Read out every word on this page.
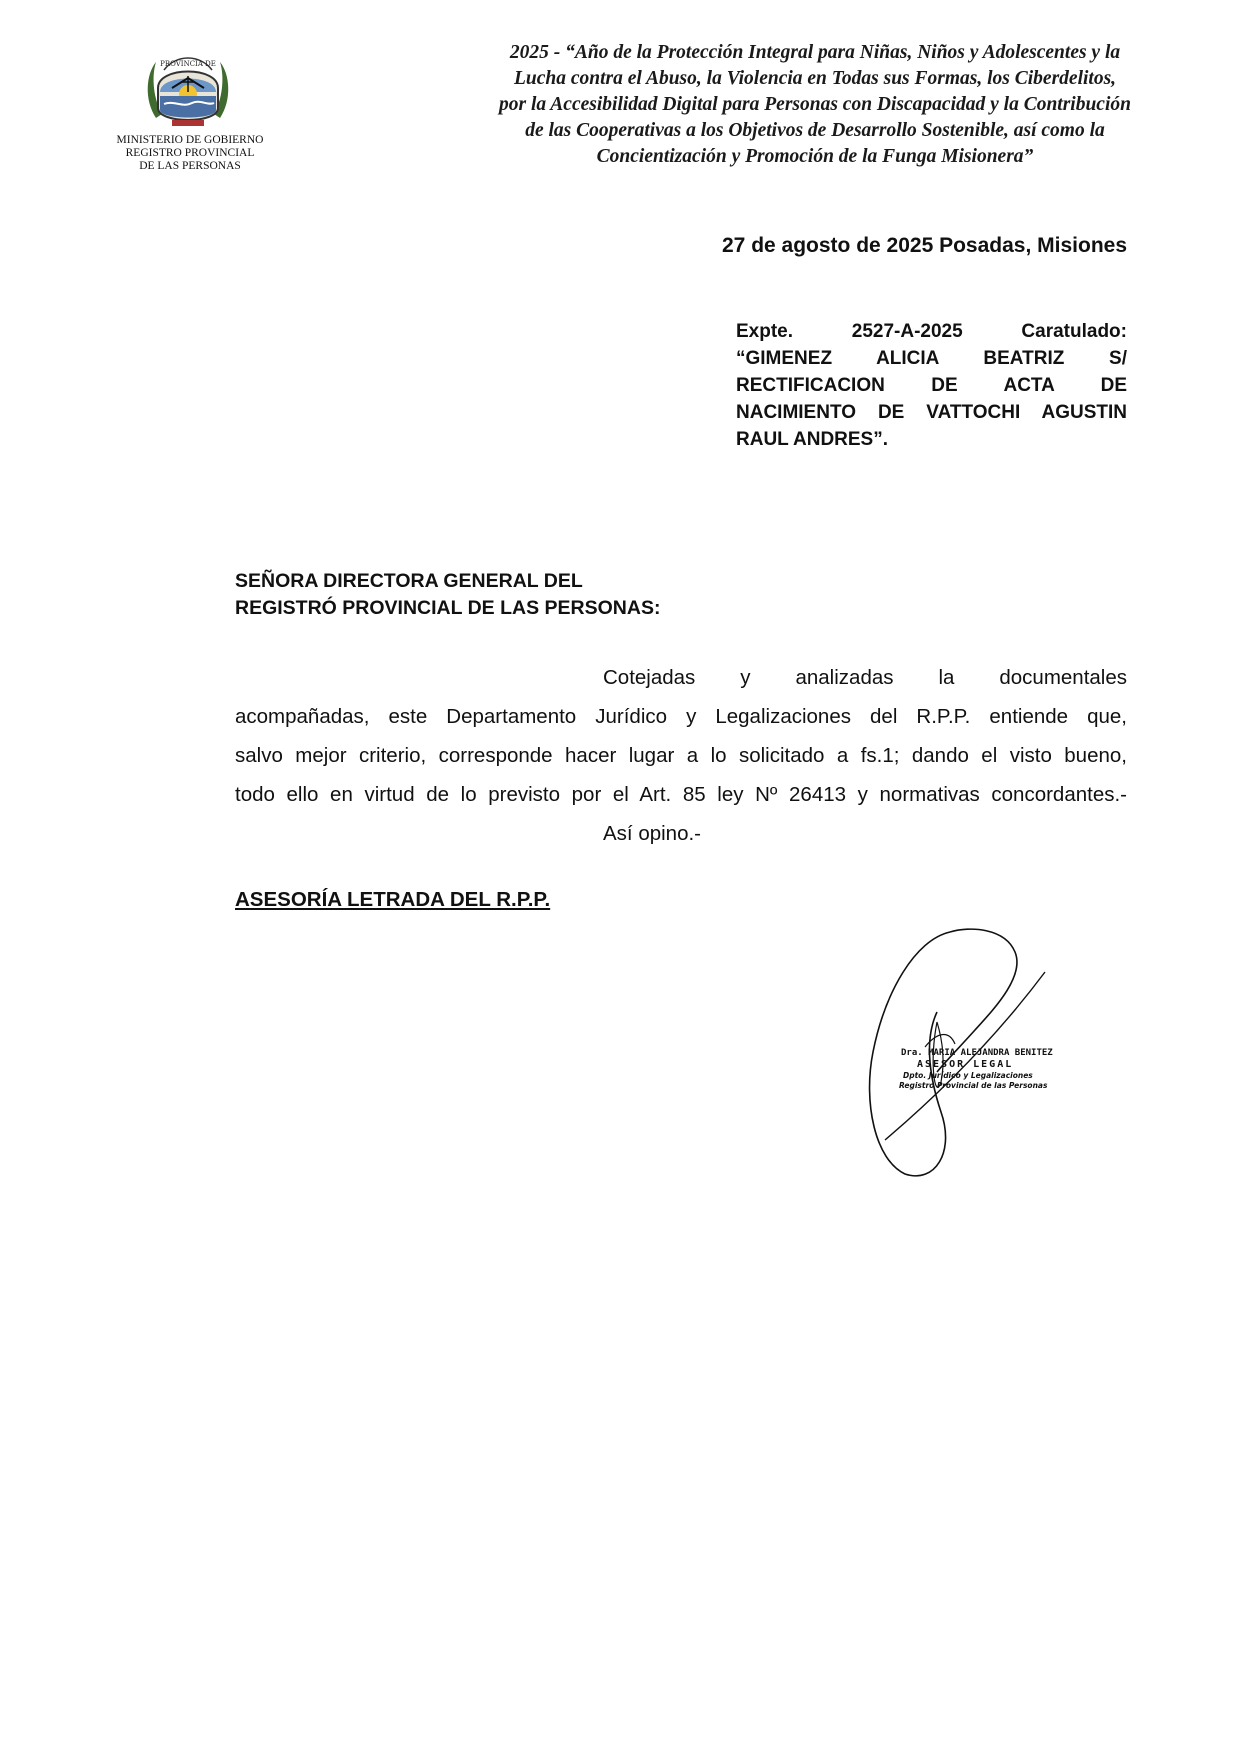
PROVINCIA DE
MINISTERIO DE GOBIERNO
REGISTRO PROVINCIAL
DE LAS PERSONAS
2025 - “Año de la Protección Integral para Niñas, Niños y Adolescentes y la
Lucha contra el Abuso, la Violencia en Todas sus Formas, los Ciberdelitos,
por la Accesibilidad Digital para Personas con Discapacidad y la Contribución
de las Cooperativas a los Objetivos de Desarrollo Sostenible, así como la
Concientización y Promoción de la Funga Misionera”
27 de agosto de 2025 Posadas, Misiones
Expte. 2527-A-2025 Caratulado:
“GIMENEZ ALICIA BEATRIZ S/
RECTIFICACION DE ACTA DE
NACIMIENTO DE VATTOCHI AGUSTIN
RAUL ANDRES”.
SEÑORA DIRECTORA GENERAL DEL
REGISTRÓ PROVINCIAL DE LAS PERSONAS:
Cotejadas y analizadas la documentales
acompañadas, este Departamento Jurídico y Legalizaciones del R.P.P. entiende que,
salvo mejor criterio, corresponde hacer lugar a lo solicitado a fs.1; dando el visto bueno,
todo ello en virtud de lo previsto por el Art. 85 ley Nº 26413 y normativas concordantes.-
Así opino.-
ASESORÍA LETRADA DEL R.P.P.
Dra. MARIA ALEJANDRA BENITEZ
ASESOR LEGAL
Dpto. Jurídico y Legalizaciones
Registro Provincial de las Personas
